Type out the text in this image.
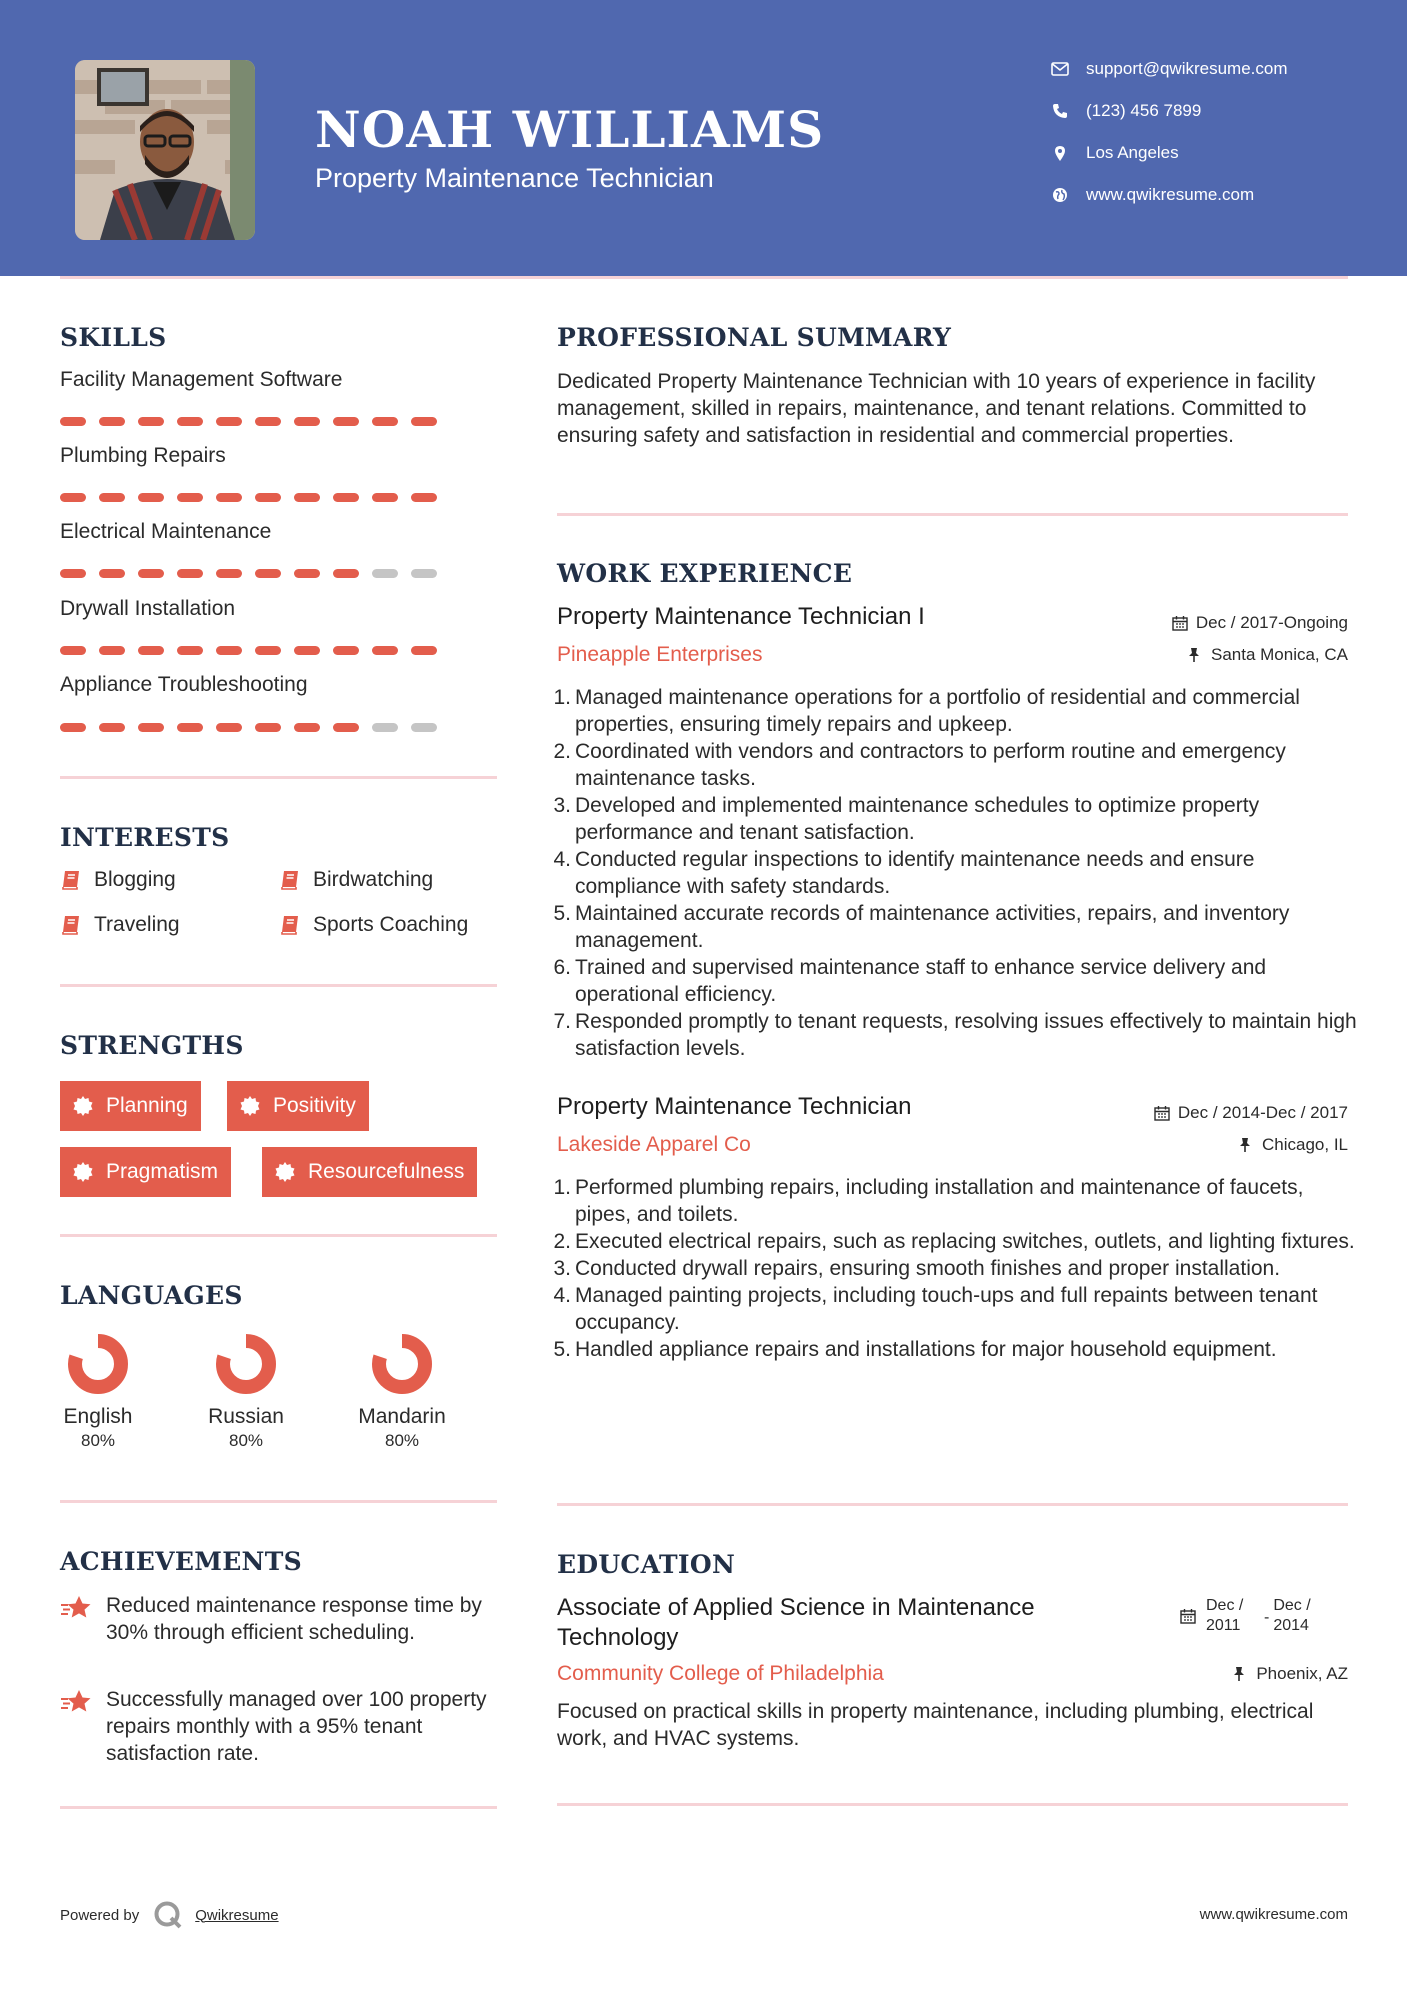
NOAH WILLIAMS
Property Maintenance Technician
support@qwikresume.com
(123) 456 7899
Los Angeles
www.qwikresume.com
SKILLS
Facility Management Software
Plumbing Repairs
Electrical Maintenance
Drywall Installation
Appliance Troubleshooting
INTERESTS
Blogging	Birdwatching
Traveling	Sports Coaching
STRENGTHS
Planning	Positivity
Pragmatism	Resourcefulness
LANGUAGES
English
80%
Russian
80%
Mandarin
80%
ACHIEVEMENTS
Reduced maintenance response time by 30% through efficient scheduling.
Successfully managed over 100 property repairs monthly with a 95% tenant satisfaction rate.
PROFESSIONAL SUMMARY
Dedicated Property Maintenance Technician with 10 years of experience in facility management, skilled in repairs, maintenance, and tenant relations. Committed to ensuring safety and satisfaction in residential and commercial properties.
WORK EXPERIENCE
Property Maintenance Technician I	Dec / 2017-Ongoing
Pineapple Enterprises	Santa Monica, CA
1. Managed maintenance operations for a portfolio of residential and commercial properties, ensuring timely repairs and upkeep.
2. Coordinated with vendors and contractors to perform routine and emergency maintenance tasks.
3. Developed and implemented maintenance schedules to optimize property performance and tenant satisfaction.
4. Conducted regular inspections to identify maintenance needs and ensure compliance with safety standards.
5. Maintained accurate records of maintenance activities, repairs, and inventory management.
6. Trained and supervised maintenance staff to enhance service delivery and operational efficiency.
7. Responded promptly to tenant requests, resolving issues effectively to maintain high satisfaction levels.
Property Maintenance Technician	Dec / 2014-Dec / 2017
Lakeside Apparel Co	Chicago, IL
1. Performed plumbing repairs, including installation and maintenance of faucets, pipes, and toilets.
2. Executed electrical repairs, such as replacing switches, outlets, and lighting fixtures.
3. Conducted drywall repairs, ensuring smooth finishes and proper installation.
4. Managed painting projects, including touch-ups and full repaints between tenant occupancy.
5. Handled appliance repairs and installations for major household equipment.
EDUCATION
Associate of Applied Science in Maintenance Technology
Dec / 2011	-
Dec / 2014
Community College of Philadelphia	Phoenix, AZ
Focused on practical skills in property maintenance, including plumbing, electrical work, and HVAC systems.
Powered by	Qwikresume	www.qwikresume.com
